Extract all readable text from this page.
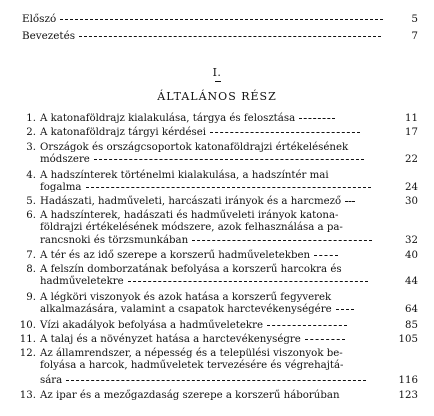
Előszó	5
Bevezetés	7
I.
ÁLTALÁNOS RÉSZ
1. A katonaföldrajz kialakulása, tárgya és felosztása	11
2. A katonaföldrajz tárgyi kérdései	17
3. Országok és országcsoportok katonaföldrajzi értékelésének
módszere	22
4. A hadszínterek történelmi kialakulása, a hadszíntér mai
fogalma	24
5. Hadászati, hadműveleti, harcászati irányok és a harcmező	30
6. A hadszínterek, hadászati és hadműveleti irányok katona-
földrajzi értékelésének módszere, azok felhasználása a pa-
rancsnoki és törzsmunkában	32
7. A tér és az idő szerepe a korszerű hadműveletekben	40
8. A felszín domborzatának befolyása a korszerű harcokra és
hadműveletekre	44
9. A légköri viszonyok és azok hatása a korszerű fegyverek
alkalmazására, valamint a csapatok harctevékenységére	64
10. Vízi akadályok befolyása a hadműveletekre	85
11. A talaj és a növényzet hatása a harctevékenységre	105
12. Az államrendszer, a népesség és a települési viszonyok be-
folyása a harcok, hadműveletek tervezésére és végrehajtá-
sára	116
13. Az ipar és a mezőgazdaság szerepe a korszerű háborúban	123
